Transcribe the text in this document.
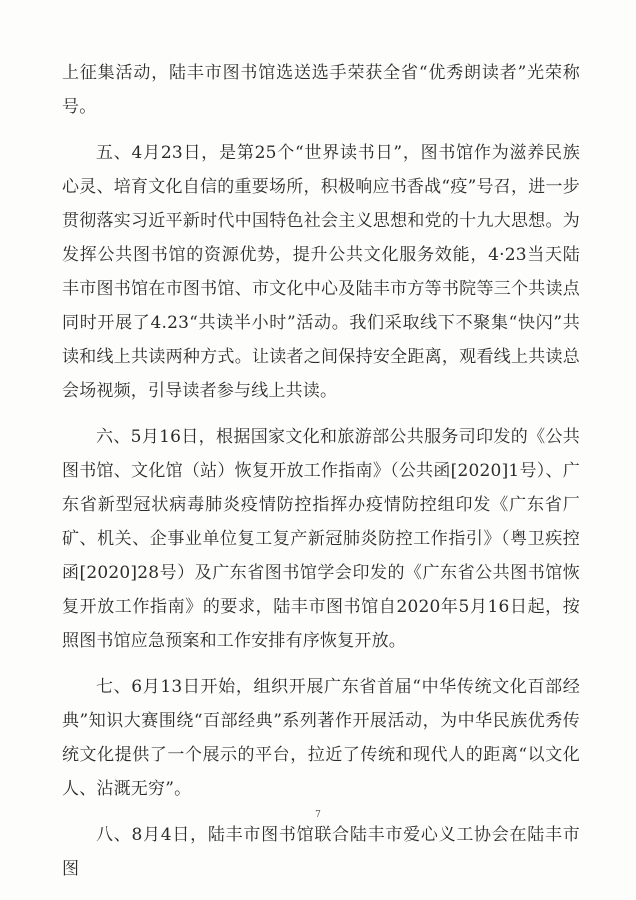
上征集活动，陆丰市图书馆选送选手荣获全省“优秀朗读者”光荣称号。

五、4月23日，是第25个“世界读书日”，图书馆作为滋养民族心灵、培育文化自信的重要场所，积极响应书香战“疫”号召，进一步贯彻落实习近平新时代中国特色社会主义思想和党的十九大思想。为发挥公共图书馆的资源优势，提升公共文化服务效能，4·23当天陆丰市图书馆在市图书馆、市文化中心及陆丰市方等书院等三个共读点同时开展了4.23“共读半小时”活动。我们采取线下不聚集“快闪”共读和线上共读两种方式。让读者之间保持安全距离，观看线上共读总会场视频，引导读者参与线上共读。

六、5月16日，根据国家文化和旅游部公共服务司印发的《公共图书馆、文化馆（站）恢复开放工作指南》（公共函[2020]1号）、广东省新型冠状病毒肺炎疫情防控指挥办疫情防控组印发《广东省厂矿、机关、企事业单位复工复产新冠肺炎防控工作指引》（粤卫疾控函[2020]28号）及广东省图书馆学会印发的《广东省公共图书馆恢复开放工作指南》的要求，陆丰市图书馆自2020年5月16日起，按照图书馆应急预案和工作安排有序恢复开放。

七、6月13日开始，组织开展广东省首届“中华传统文化百部经典”知识大赛围绕“百部经典”系列著作开展活动，为中华民族优秀传统文化提供了一个展示的平台，拉近了传统和现代人的距离“以文化人、沾溉无穷”。

八、8月4日，陆丰市图书馆联合陆丰市爱心义工协会在陆丰市图

7
